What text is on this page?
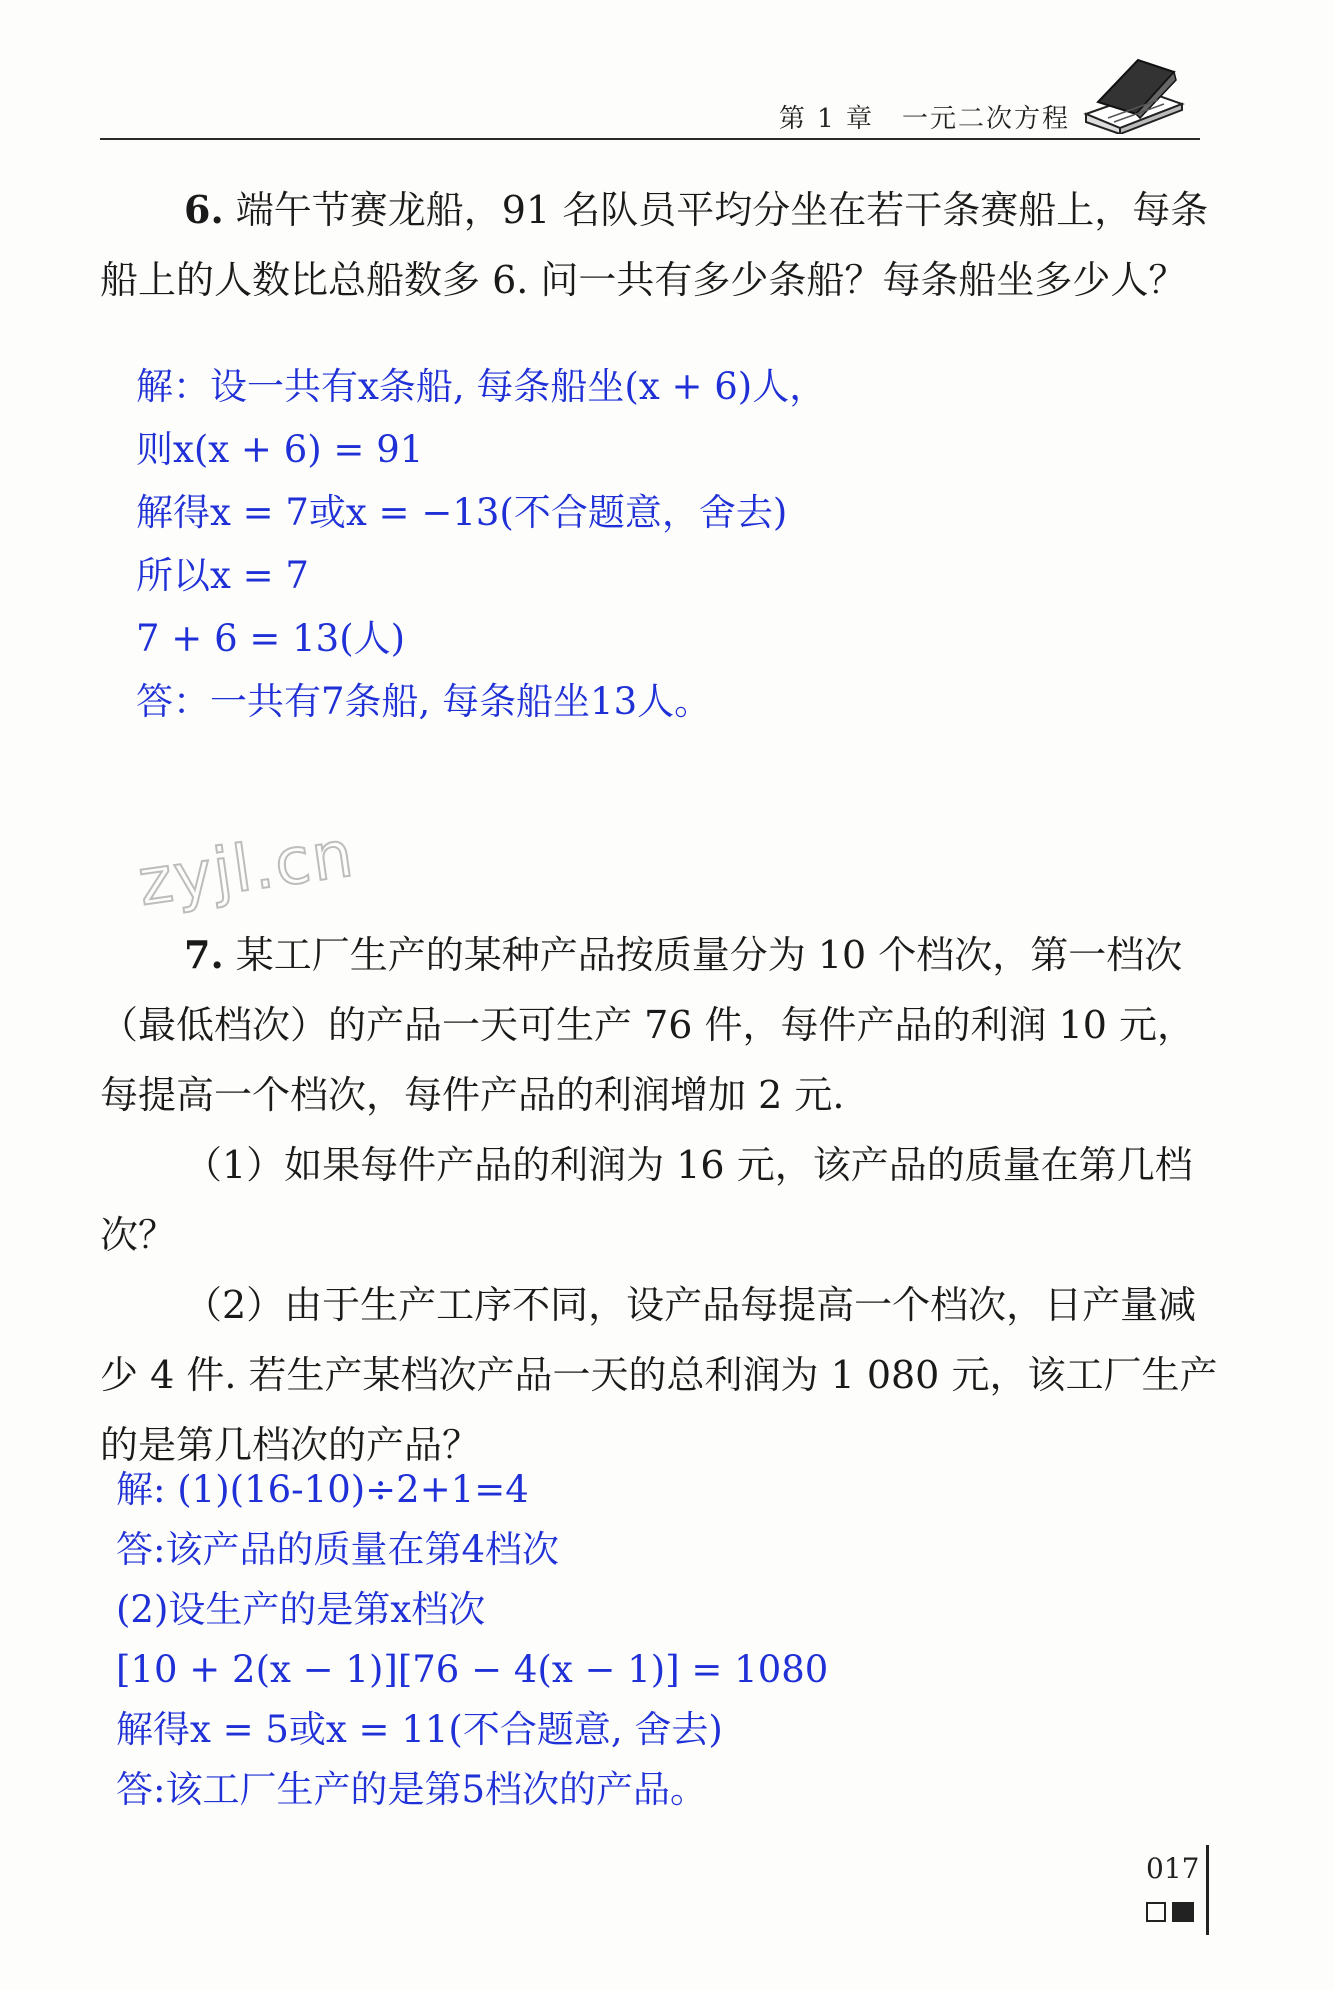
第 1 章　一元二次方程

6. 端午节赛龙船，91 名队员平均分坐在若干条赛船上，每条船上的人数比总船数多 6. 问一共有多少条船？每条船坐多少人？

解：设一共有x条船, 每条船坐(x + 6)人，

则x(x + 6) = 91

解得x = 7或x = −13(不合题意，舍去)

所以x = 7

7 + 6 = 13(人)

答：一共有7条船, 每条船坐13人。

zyjl.cn

7. 某工厂生产的某种产品按质量分为 10 个档次，第一档次（最低档次）的产品一天可生产 76 件，每件产品的利润 10 元，每提高一个档次，每件产品的利润增加 2 元.

（1）如果每件产品的利润为 16 元，该产品的质量在第几档次？

（2）由于生产工序不同，设产品每提高一个档次，日产量减少 4 件. 若生产某档次产品一天的总利润为 1 080 元，该工厂生产的是第几档次的产品？

解: (1)(16-10)÷2+1=4

答:该产品的质量在第4档次

(2)设生产的是第x档次

[10 + 2(x − 1)][76 − 4(x − 1)] = 1080

解得x = 5或x = 11(不合题意, 舍去)

答:该工厂生产的是第5档次的产品。

017
